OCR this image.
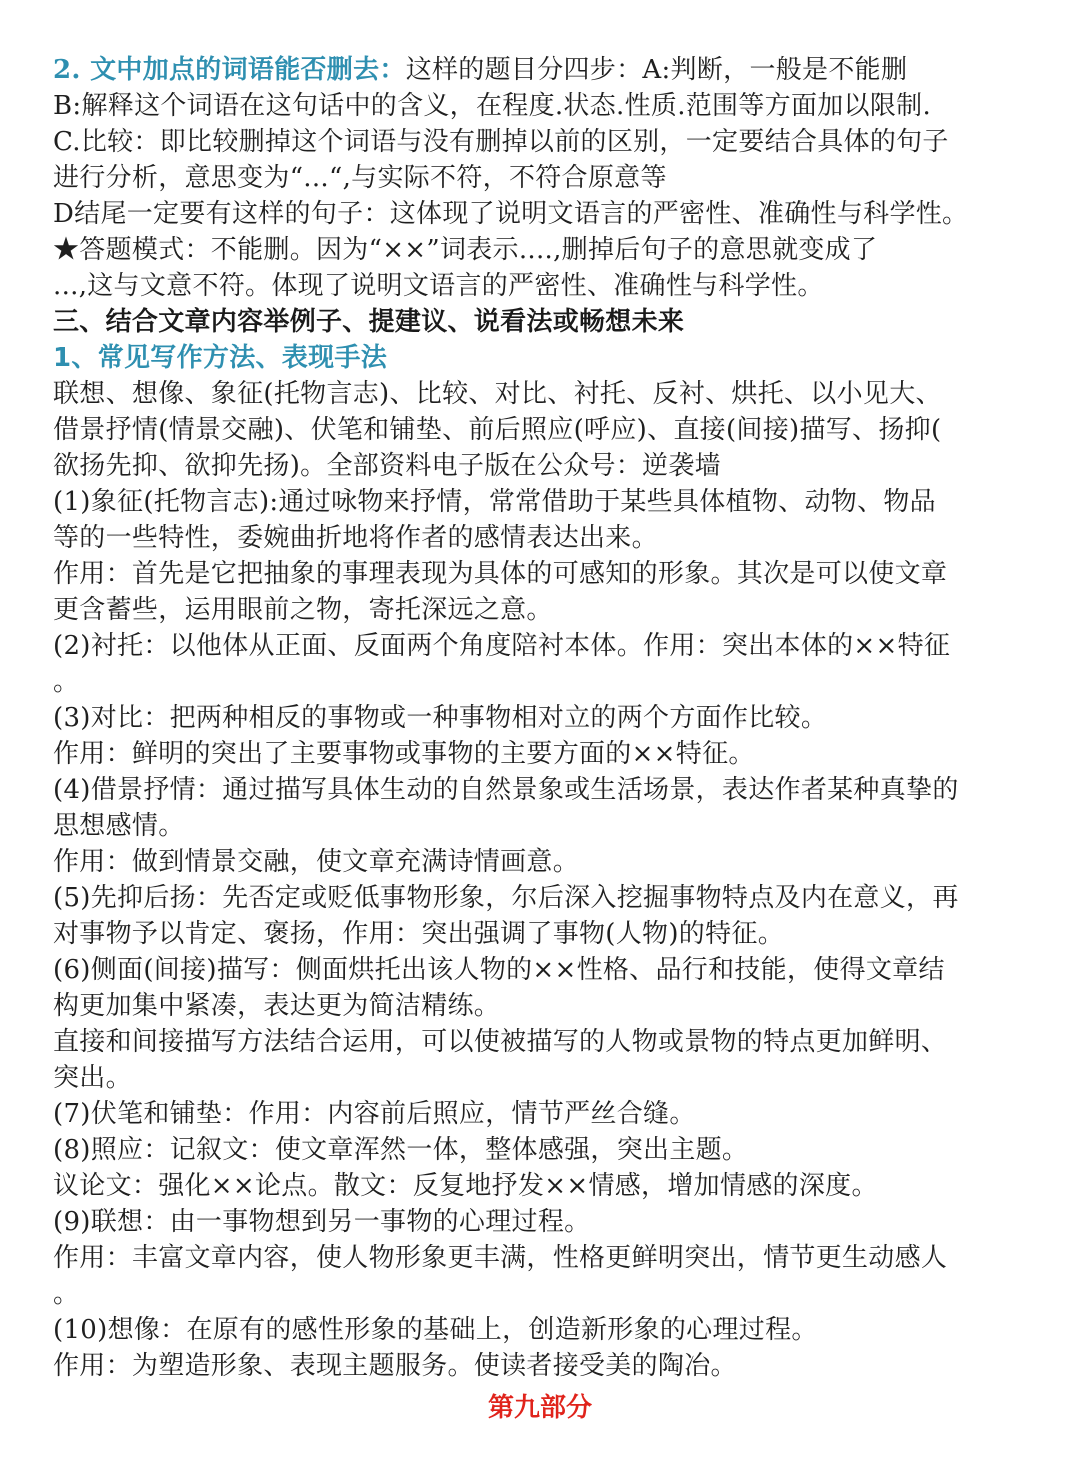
2. 文中加点的词语能否删去：这样的题目分四步：A:判断，一般是不能删
B:解释这个词语在这句话中的含义，在程度.状态.性质.范围等方面加以限制.
C.比较：即比较删掉这个词语与没有删掉以前的区别，一定要结合具体的句子
进行分析，意思变为“...“,与实际不符，不符合原意等
D结尾一定要有这样的句子：这体现了说明文语言的严密性、准确性与科学性。
★答题模式：不能删。因为“××”词表示....,删掉后句子的意思就变成了
...,这与文意不符。体现了说明文语言的严密性、准确性与科学性。
三、结合文章内容举例子、提建议、说看法或畅想未来
1、常见写作方法、表现手法
联想、想像、象征(托物言志)、比较、对比、衬托、反衬、烘托、以小见大、
借景抒情(情景交融)、伏笔和铺垫、前后照应(呼应)、直接(间接)描写、扬抑(
欲扬先抑、欲抑先扬)。全部资料电子版在公众号：逆袭墙
(1)象征(托物言志):通过咏物来抒情，常常借助于某些具体植物、动物、物品
等的一些特性，委婉曲折地将作者的感情表达出来。
作用：首先是它把抽象的事理表现为具体的可感知的形象。其次是可以使文章
更含蓄些，运用眼前之物，寄托深远之意。
(2)衬托：以他体从正面、反面两个角度陪衬本体。作用：突出本体的××特征
。
(3)对比：把两种相反的事物或一种事物相对立的两个方面作比较。
作用：鲜明的突出了主要事物或事物的主要方面的××特征。
(4)借景抒情：通过描写具体生动的自然景象或生活场景，表达作者某种真挚的
思想感情。
作用：做到情景交融，使文章充满诗情画意。
(5)先抑后扬：先否定或贬低事物形象，尔后深入挖掘事物特点及内在意义，再
对事物予以肯定、褒扬，作用：突出强调了事物(人物)的特征。
(6)侧面(间接)描写：侧面烘托出该人物的××性格、品行和技能，使得文章结
构更加集中紧凑，表达更为简洁精练。
直接和间接描写方法结合运用，可以使被描写的人物或景物的特点更加鲜明、
突出。
(7)伏笔和铺垫：作用：内容前后照应，情节严丝合缝。
(8)照应：记叙文：使文章浑然一体，整体感强，突出主题。
议论文：强化××论点。散文：反复地抒发××情感，增加情感的深度。
(9)联想：由一事物想到另一事物的心理过程。
作用：丰富文章内容，使人物形象更丰满，性格更鲜明突出，情节更生动感人
。
(10)想像：在原有的感性形象的基础上，创造新形象的心理过程。
作用：为塑造形象、表现主题服务。使读者接受美的陶冶。
第九部分
